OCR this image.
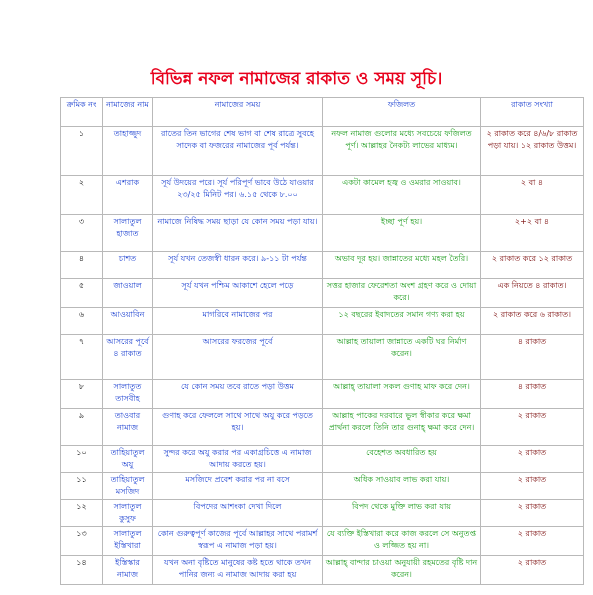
বিভিন্ন নফল নামাজের রাকাত ও সময় সূচি।
ক্রমিক নং	নামাজের নাম	নামাজের সময়	ফজিলত	রাকাত সংখ্যা
১	তাহাজ্জুদ	রাতের তিন ভাগের শেষ ভাগ বা শেষ রাত্রে সুবহে সাদেক বা ফজরের নামাজের পূর্ব পর্যন্ত।	নফল নামাজ গুলোর মধ্যে সবচেয়ে ফজিলত পূর্ণ। আল্লাহর নৈকট্য লাভের মাধ্যম।	২ রাকাত করে ৪/৬/৮ রাকাত পড়া যায়। ১২ রাকাত উত্তম।
২	এশরাক	সূর্য উদয়ের পরে। সূর্য পরিপূর্ণ ভাবে উঠে যাওয়ার ২৩/২৫ মিনিট পর। ৬.১৫ থেকে ৮.০০	একটা কামেল হজ্ব ও ওমরার সাওয়াব।	২ বা ৪
৩	সালাতুল হাজাত	নামাজে নিষিদ্ধ সময় ছাড়া যে কোন সময় পড়া যায়।	ইচ্ছা পূর্ণ হয়।	২+২ বা ৪
৪	চাশত	সূর্য যখন তেজস্বী ধারন করে। ৯-১১ টা পর্যন্ত	অভাব দূর হয়। জান্নাতের মধ্যে মহল তৈরি।	২ রাকাত করে ১২ রাকাত
৫	জাওয়াল	সূর্য যখন পশ্চিম আকাশে হেলে পড়ে	সত্তর হাজার ফেরেশতা অংশ গ্রহণ করে ও দোয়া করে।	এক নিয়তে ৪ রাকাত।
৬	আওয়াবিন	মাগরিবে নামাজের পর	১২ বছরের ইবাদতের সমান গণ্য করা হয়	২ রাকাত করে ৬ রাকাত।
৭	আসরের পূর্বে ৪ রাকাত	আসরের ফরজের পূর্বে	আল্লাহ তায়ালা জান্নাতে একটি ঘর নির্মাণ করেন।	৪ রাকাত
৮	সালাতুত তাসবীহ	যে কোন সময় তবে রাতে পড়া উত্তম	আল্লাহ্‌ তায়ালা সকল গুণাহ মাফ করে দেন।	৪ রাকাত
৯	তাওবার নামাজ	গুণাহ করে ফেললে সাথে সাথে অযু করে পড়তে হয়।	আল্লাহ পাকের দরবারে ভুল স্বীকার করে ক্ষমা প্রার্থনা করলে তিনি তার গুনাহ্‌ ক্ষমা করে দেন।	২ রাকাত
১০	তাহিয়াতুল অযু	সুন্দর করে অযু করার পর একাগ্রচিত্তে এ নামাজ আদায় করতে হয়।	বেহেশত অবধারিত হয়	২ রাকাত
১১	তাহিয়াতুল মসজিদ	মসজিদে প্রবেশ করার পর না বসে	অধিক সাওয়াব লাভ করা যায়।	২ রাকাত
১২	সালাতুল কুসুফ	বিপদের আশংকা দেখা দিলে	বিপদ থেকে মুক্তি লাভ করা যায়	২ রাকাত
১৩	সালাতুল ইস্তিখারা	কোন গুরুত্বপূর্ণ কাজের পূর্বে আল্লাহর সাথে পরামর্শ স্বরূপ এ নামাজ পড়া হয়।	যে ব্যক্তি ইস্তিখারা করে কাজ করলে সে অনুতপ্ত ও লজ্জিত হয় না।	২ রাকাত
১৪	ইস্তিস্কার নামাজ	যখন অনা বৃষ্টিতে মানুষের কষ্ট হতে থাকে তখন পানির জন্য এ নামাজ আদায় করা হয়	আল্লাহ্‌ বান্দার চাওয়া অনুযায়ী রহমতের বৃষ্টি দান করেন।	২ রাকাত
